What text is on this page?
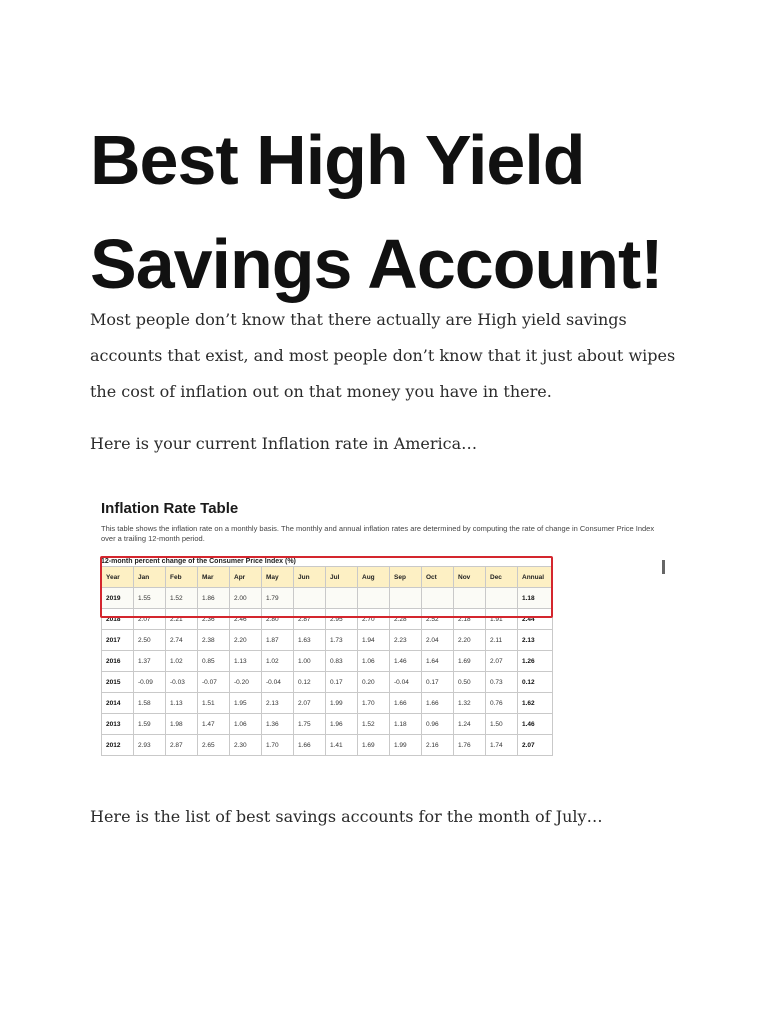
Best High Yield Savings Account!

Most people don’t know that there actually are High yield savings accounts that exist, and most people don’t know that it just about wipes the cost of inflation out on that money you have in there.

Here is your current Inflation rate in America…

Inflation Rate Table
This table shows the inflation rate on a monthly basis. The monthly and annual inflation rates are determined by computing the rate of change in Consumer Price Index over a trailing 12-month period.
12-month percent change of the Consumer Price Index (%)
Year	Jan	Feb	Mar	Apr	May	Jun	Jul	Aug	Sep	Oct	Nov	Dec	Annual
2019	1.55	1.52	1.86	2.00	1.79								1.18
2018	2.07	2.21	2.36	2.46	2.80	2.87	2.95	2.70	2.28	2.52	2.18	1.91	2.44
2017	2.50	2.74	2.38	2.20	1.87	1.63	1.73	1.94	2.23	2.04	2.20	2.11	2.13
2016	1.37	1.02	0.85	1.13	1.02	1.00	0.83	1.06	1.46	1.64	1.69	2.07	1.26
2015	-0.09	-0.03	-0.07	-0.20	-0.04	0.12	0.17	0.20	-0.04	0.17	0.50	0.73	0.12
2014	1.58	1.13	1.51	1.95	2.13	2.07	1.99	1.70	1.66	1.66	1.32	0.76	1.62
2013	1.59	1.98	1.47	1.06	1.36	1.75	1.96	1.52	1.18	0.96	1.24	1.50	1.46
2012	2.93	2.87	2.65	2.30	1.70	1.66	1.41	1.69	1.99	2.16	1.76	1.74	2.07

Here is the list of best savings accounts for the month of July…
